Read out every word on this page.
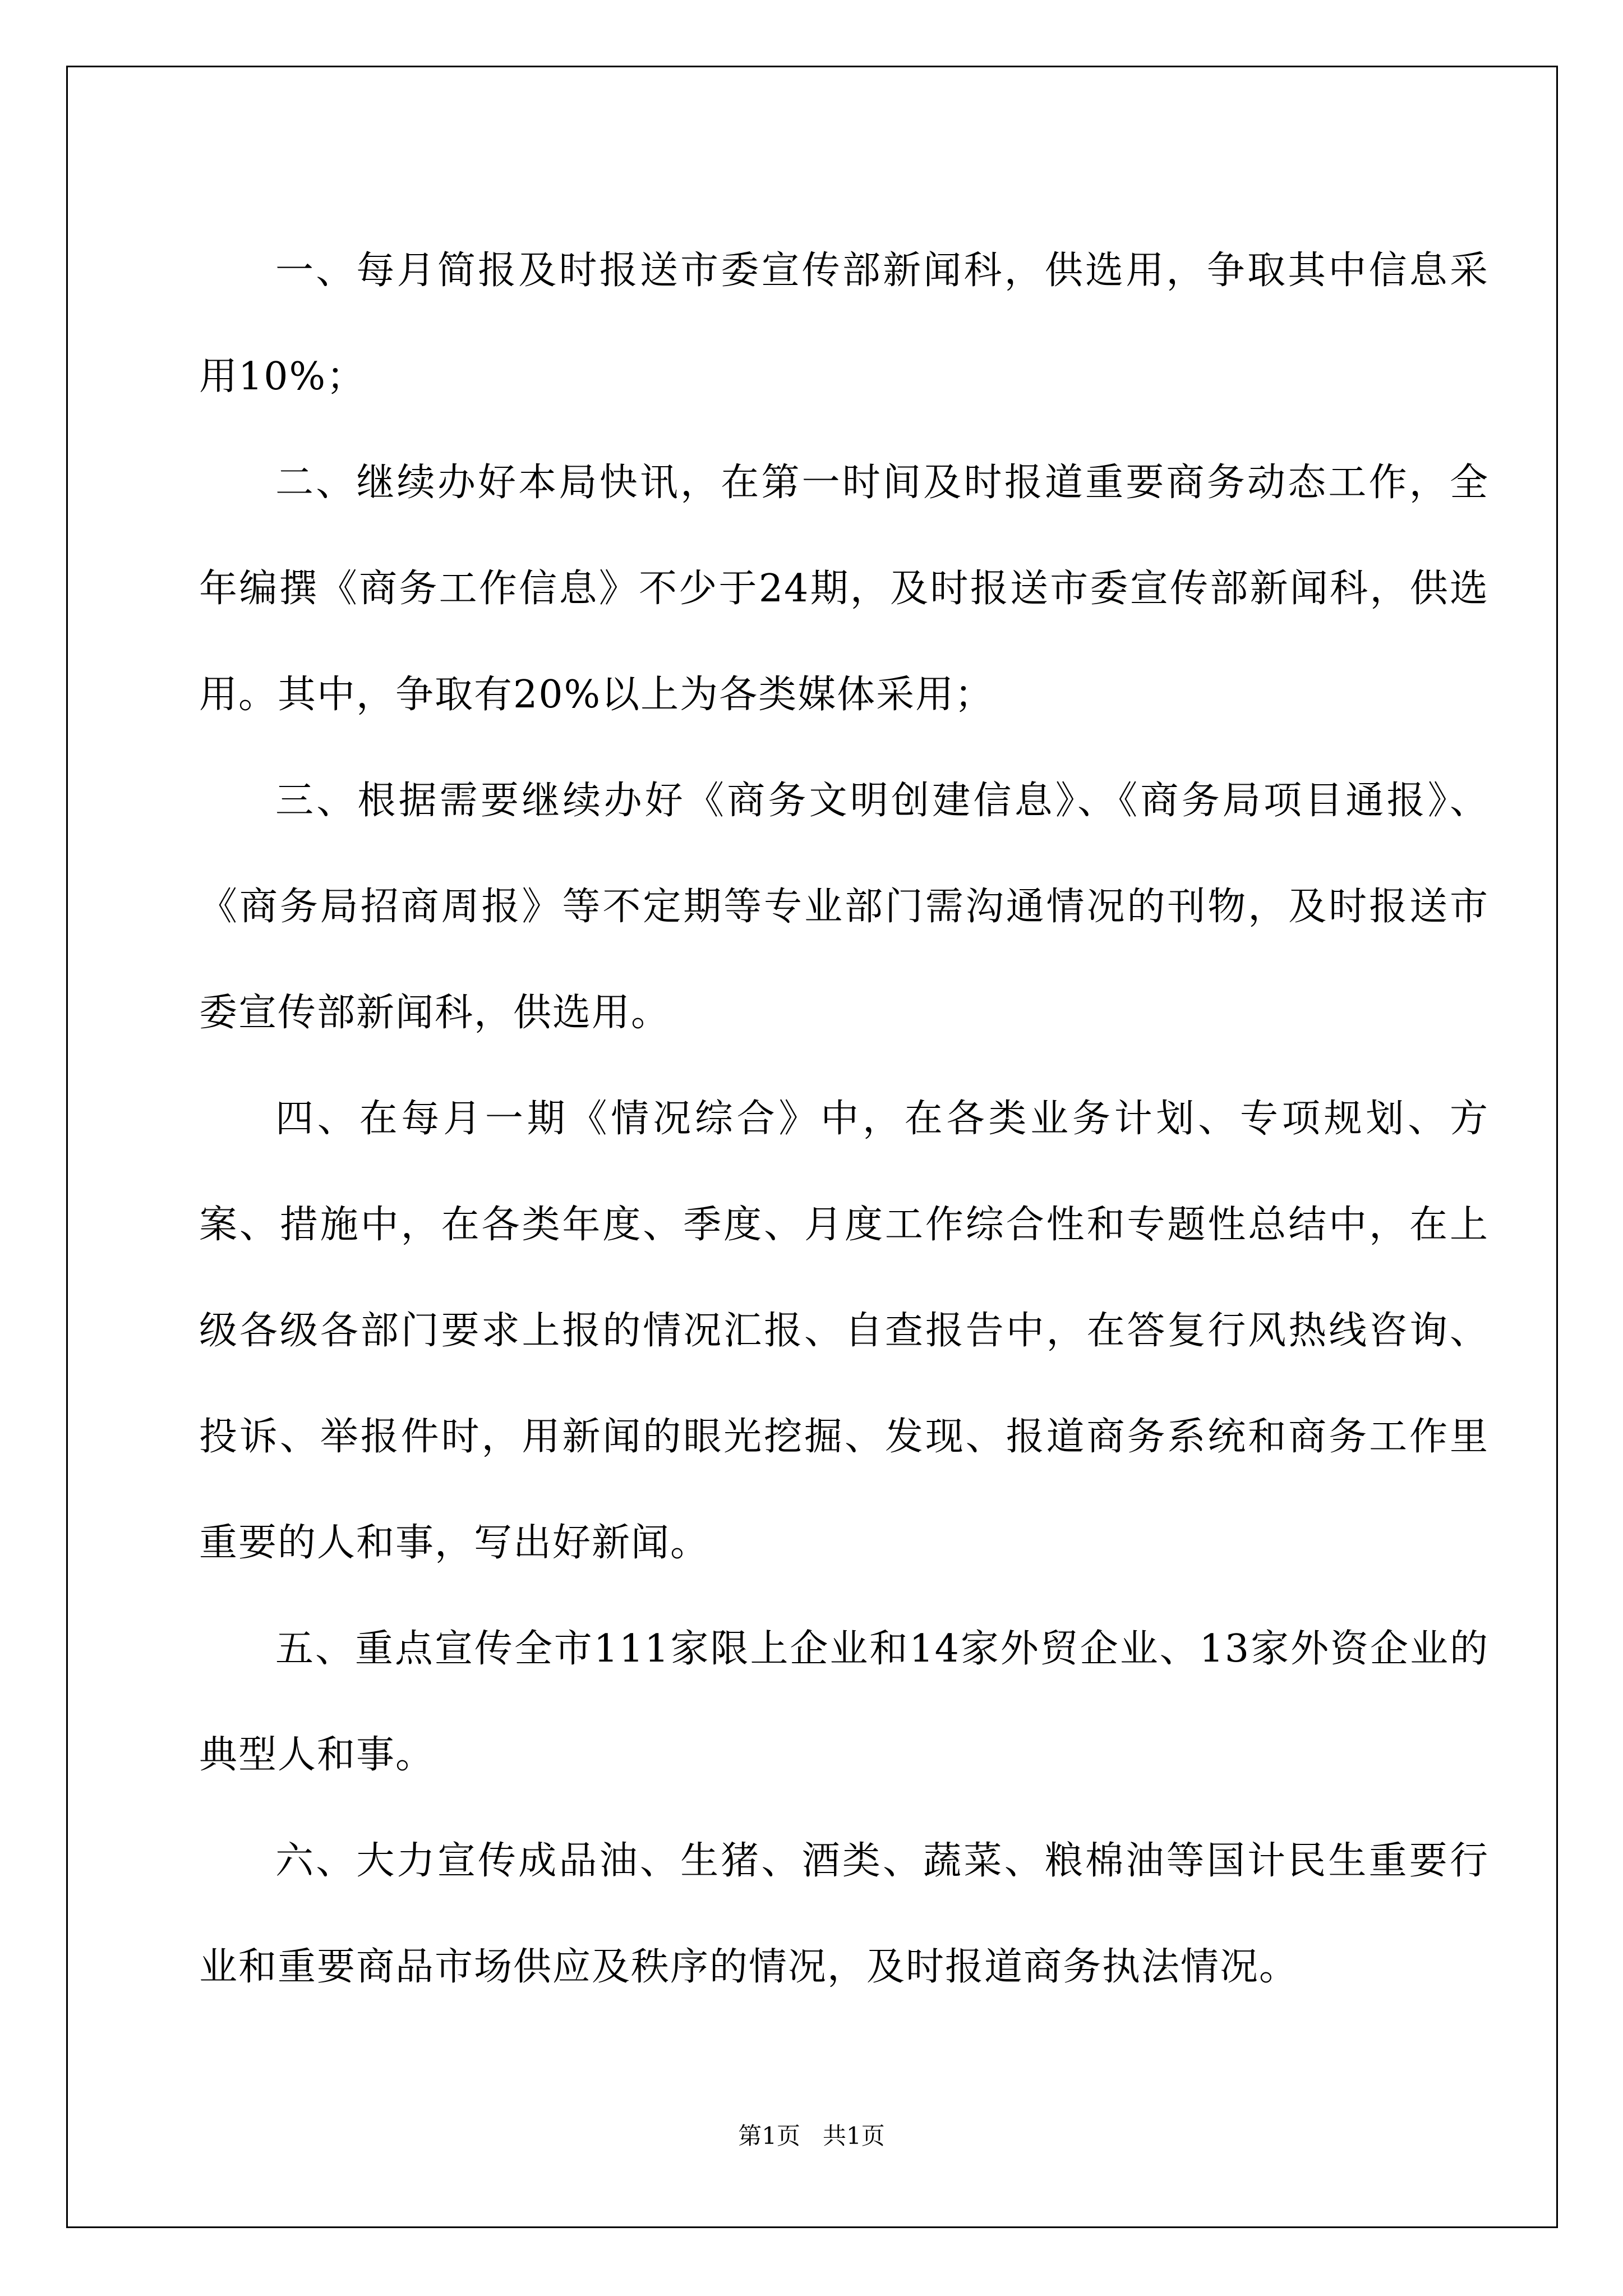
一、每月简报及时报送市委宣传部新闻科，供选用，争取其中信息采用10%；

二、继续办好本局快讯，在第一时间及时报道重要商务动态工作，全年编撰《商务工作信息》不少于24期，及时报送市委宣传部新闻科，供选用。其中，争取有20%以上为各类媒体采用；

三、根据需要继续办好《商务文明创建信息》、《商务局项目通报》、《商务局招商周报》等不定期等专业部门需沟通情况的刊物，及时报送市委宣传部新闻科，供选用。

四、在每月一期《情况综合》中，在各类业务计划、专项规划、方案、措施中，在各类年度、季度、月度工作综合性和专题性总结中，在上级各级各部门要求上报的情况汇报、自查报告中，在答复行风热线咨询、投诉、举报件时，用新闻的眼光挖掘、发现、报道商务系统和商务工作里重要的人和事，写出好新闻。

五、重点宣传全市111家限上企业和14家外贸企业、13家外资企业的典型人和事。

六、大力宣传成品油、生猪、酒类、蔬菜、粮棉油等国计民生重要行业和重要商品市场供应及秩序的情况，及时报道商务执法情况。

第1页 共1页
